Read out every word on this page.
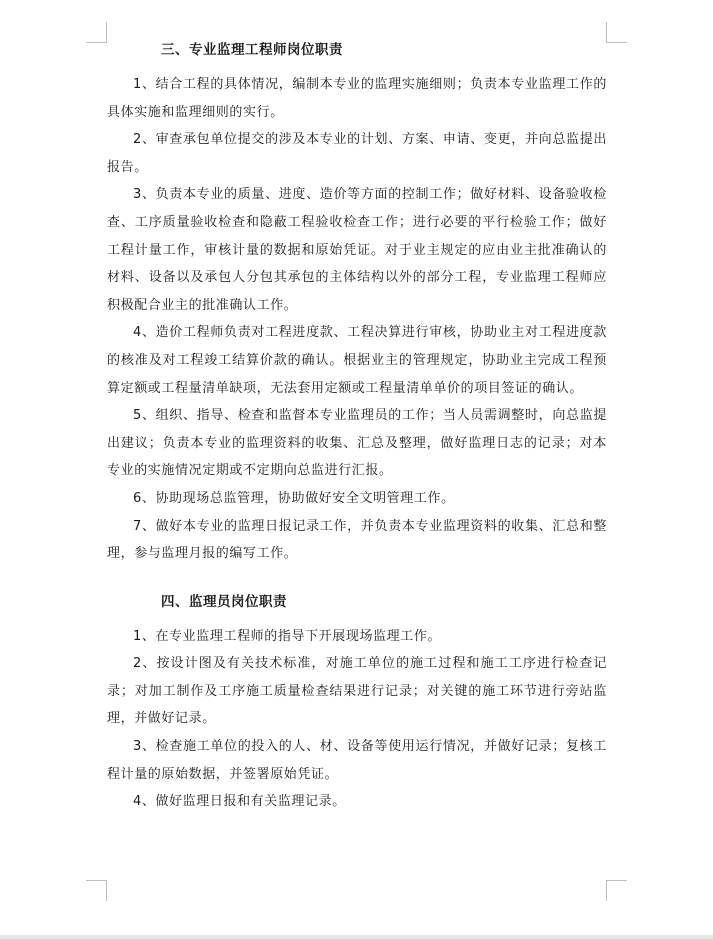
三、专业监理工程师岗位职责

1、结合工程的具体情况，编制本专业的监理实施细则；负责本专业监理工作的具体实施和监理细则的实行。

2、审查承包单位提交的涉及本专业的计划、方案、申请、变更，并向总监提出报告。

3、负责本专业的质量、进度、造价等方面的控制工作；做好材料、设备验收检查、工序质量验收检查和隐蔽工程验收检查工作；进行必要的平行检验工作；做好工程计量工作，审核计量的数据和原始凭证。对于业主规定的应由业主批准确认的材料、设备以及承包人分包其承包的主体结构以外的部分工程，专业监理工程师应积极配合业主的批准确认工作。

4、造价工程师负责对工程进度款、工程决算进行审核，协助业主对工程进度款的核准及对工程竣工结算价款的确认。根据业主的管理规定，协助业主完成工程预算定额或工程量清单缺项，无法套用定额或工程量清单单价的项目签证的确认。

5、组织、指导、检查和监督本专业监理员的工作；当人员需调整时，向总监提出建议；负责本专业的监理资料的收集、汇总及整理，做好监理日志的记录；对本专业的实施情况定期或不定期向总监进行汇报。

6、协助现场总监管理，协助做好安全文明管理工作。

7、做好本专业的监理日报记录工作，并负责本专业监理资料的收集、汇总和整理，参与监理月报的编写工作。

四、监理员岗位职责

1、在专业监理工程师的指导下开展现场监理工作。

2、按设计图及有关技术标准，对施工单位的施工过程和施工工序进行检查记录；对加工制作及工序施工质量检查结果进行记录；对关键的施工环节进行旁站监理，并做好记录。

3、检查施工单位的投入的人、材、设备等使用运行情况，并做好记录；复核工程计量的原始数据，并签署原始凭证。

4、做好监理日报和有关监理记录。
